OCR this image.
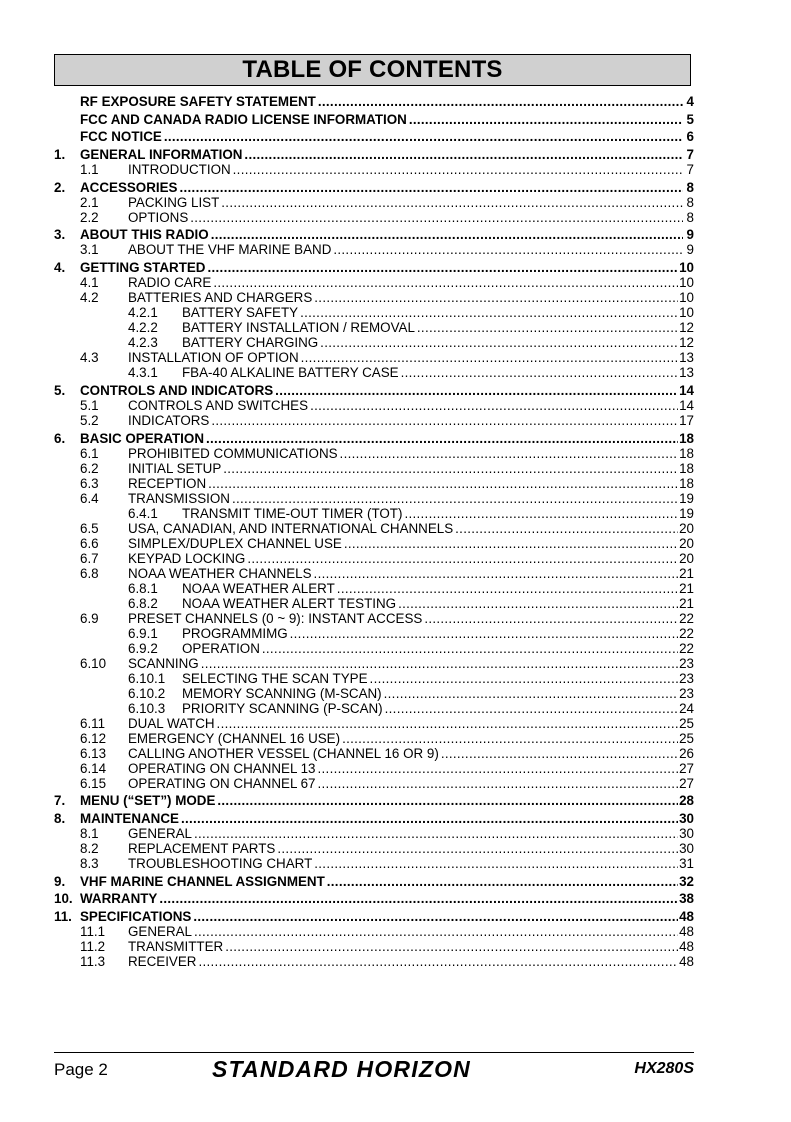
TABLE OF CONTENTS
RF EXPOSURE SAFETY STATEMENT .....	4
FCC AND CANADA RADIO LICENSE INFORMATION .....	5
FCC NOTICE .....	6
1.	GENERAL INFORMATION .....	7
1.1	INTRODUCTION .....	7
2.	ACCESSORIES .....	8
2.1	PACKING LIST .....	8
2.2	OPTIONS .....	8
3.	ABOUT THIS RADIO .....	9
3.1	ABOUT THE VHF MARINE BAND .....	9
4.	GETTING STARTED .....	10
4.1	RADIO CARE .....	10
4.2	BATTERIES AND CHARGERS .....	10
4.2.1	BATTERY SAFETY .....	10
4.2.2	BATTERY INSTALLATION / REMOVAL .....	12
4.2.3	BATTERY CHARGING .....	12
4.3	INSTALLATION OF OPTION .....	13
4.3.1	FBA-40 ALKALINE BATTERY CASE .....	13
5.	CONTROLS AND INDICATORS .....	14
5.1	CONTROLS AND SWITCHES .....	14
5.2	INDICATORS .....	17
6.	BASIC OPERATION .....	18
6.1	PROHIBITED COMMUNICATIONS .....	18
6.2	INITIAL SETUP .....	18
6.3	RECEPTION .....	18
6.4	TRANSMISSION .....	19
6.4.1	TRANSMIT TIME-OUT TIMER (TOT) .....	19
6.5	USA, CANADIAN, AND INTERNATIONAL CHANNELS .....	20
6.6	SIMPLEX/DUPLEX CHANNEL USE .....	20
6.7	KEYPAD LOCKING .....	20
6.8	NOAA WEATHER CHANNELS .....	21
6.8.1	NOAA WEATHER ALERT .....	21
6.8.2	NOAA WEATHER ALERT TESTING .....	21
6.9	PRESET CHANNELS (0 ~ 9): INSTANT ACCESS .....	22
6.9.1	PROGRAMMIMG .....	22
6.9.2	OPERATION .....	22
6.10	SCANNING .....	23
6.10.1	SELECTING THE SCAN TYPE .....	23
6.10.2	MEMORY SCANNING (M-SCAN) .....	23
6.10.3	PRIORITY SCANNING (P-SCAN) .....	24
6.11	DUAL WATCH .....	25
6.12	EMERGENCY (CHANNEL 16 USE) .....	25
6.13	CALLING ANOTHER VESSEL (CHANNEL 16 OR 9) .....	26
6.14	OPERATING ON CHANNEL 13 .....	27
6.15	OPERATING ON CHANNEL 67 .....	27
7.	MENU (“SET”) MODE .....	28
8.	MAINTENANCE .....	30
8.1	GENERAL .....	30
8.2	REPLACEMENT PARTS .....	30
8.3	TROUBLESHOOTING CHART .....	31
9.	VHF MARINE CHANNEL ASSIGNMENT .....	32
10. WARRANTY .....	38
11. SPECIFICATIONS .....	48
11.1	GENERAL .....	48
11.2	TRANSMITTER .....	48
11.3	RECEIVER .....	48
Page 2	STANDARD HORIZON	HX280S
